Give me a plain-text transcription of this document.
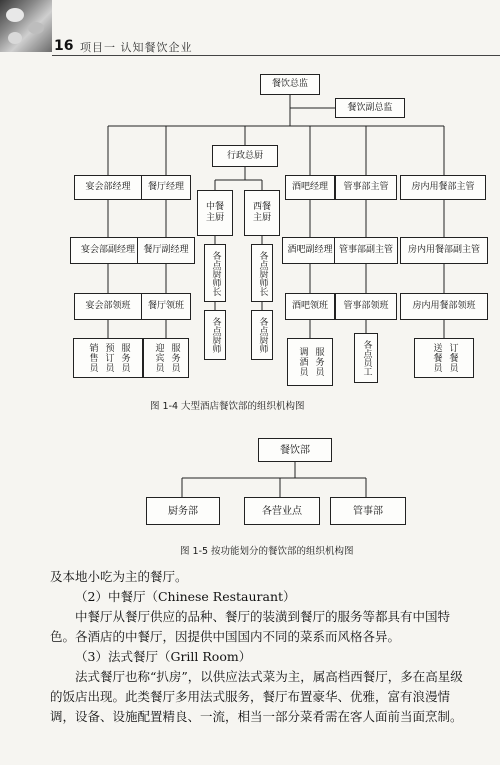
16 项目一 认知餐饮企业
餐饮总监
餐饮副总监
行政总厨
宴会部经理
宴会部副经理
宴会部领班
销售员 预订员 服务员
餐厅经理
餐厅副经理
餐厅领班
迎宾员 服务员
中餐
主厨
各点厨师长
各点厨师
西餐
主厨
各点厨师长
各点厨师
酒吧经理
酒吧副经理
酒吧领班
调酒员 服务员
管事部主管
管事部副主管
管事部领班
各点员工
房内用餐部主管
房内用餐部副主管
房内用餐部领班
送餐员 订餐员
图 1-4 大型酒店餐饮部的组织机构图
餐饮部
厨务部	各营业点	管事部
图 1-5 按功能划分的餐饮部的组织机构图

及本地小吃为主的餐厅。

（2）中餐厅（Chinese Restaurant）

中餐厅从餐厅供应的品种、餐厅的装潢到餐厅的服务等都具有中国特色。各酒店的中餐厅，因提供中国国内不同的菜系而风格各异。

（3）法式餐厅（Grill Room）

法式餐厅也称“扒房”，以供应法式菜为主，属高档西餐厅，多在高星级的饭店出现。此类餐厅多用法式服务，餐厅布置豪华、优雅，富有浪漫情调，设备、设施配置精良、一流，相当一部分菜肴需在客人面前当面烹制。
